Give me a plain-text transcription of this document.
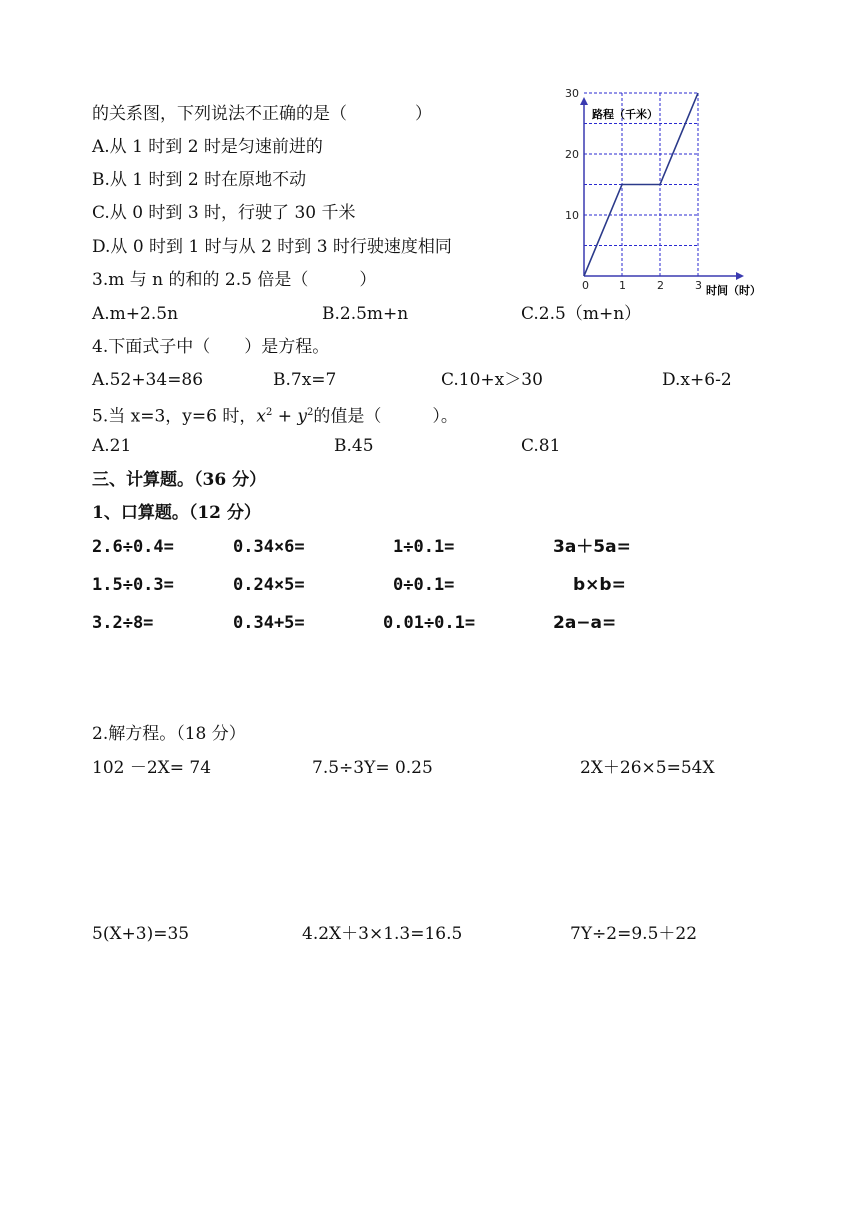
的关系图，下列说法不正确的是（　　　　）
A.从 1 时到 2 时是匀速前进的
B.从 1 时到 2 时在原地不动
C.从 0 时到 3 时，行驶了 30 千米
D.从 0 时到 1 时与从 2 时到 3 时行驶速度相同
0	1	2	3
10
20
30
路程（千米）
时间（时）
3.m 与 n 的和的 2.5 倍是（　　　）
A.m+2.5n	B.2.5m+n	C.2.5（m+n）
4.下面式子中（　　）是方程。
A.52+34=86	B.7x=7	C.10+x＞30	D.x+6-2
5.当 x=3，y=6 时，$x^2 + y^2$的值是（　　　）。
A.21	B.45	C.81
三、计算题。（36 分）
1、口算题。（12 分）
2.6÷0.4=	0.34×6=	1÷0.1=	3a＋5a=
1.5÷0.3=	0.24×5=	0÷0.1=	b×b=
3.2÷8=	0.34+5=	0.01÷0.1=	2a−a=
2.解方程。（18 分）
102 －2X= 74	7.5÷3Y= 0.25	2X＋26×5=54X
5(X+3)=35	4.2X＋3×1.3=16.5	7Y÷2=9.5＋22
